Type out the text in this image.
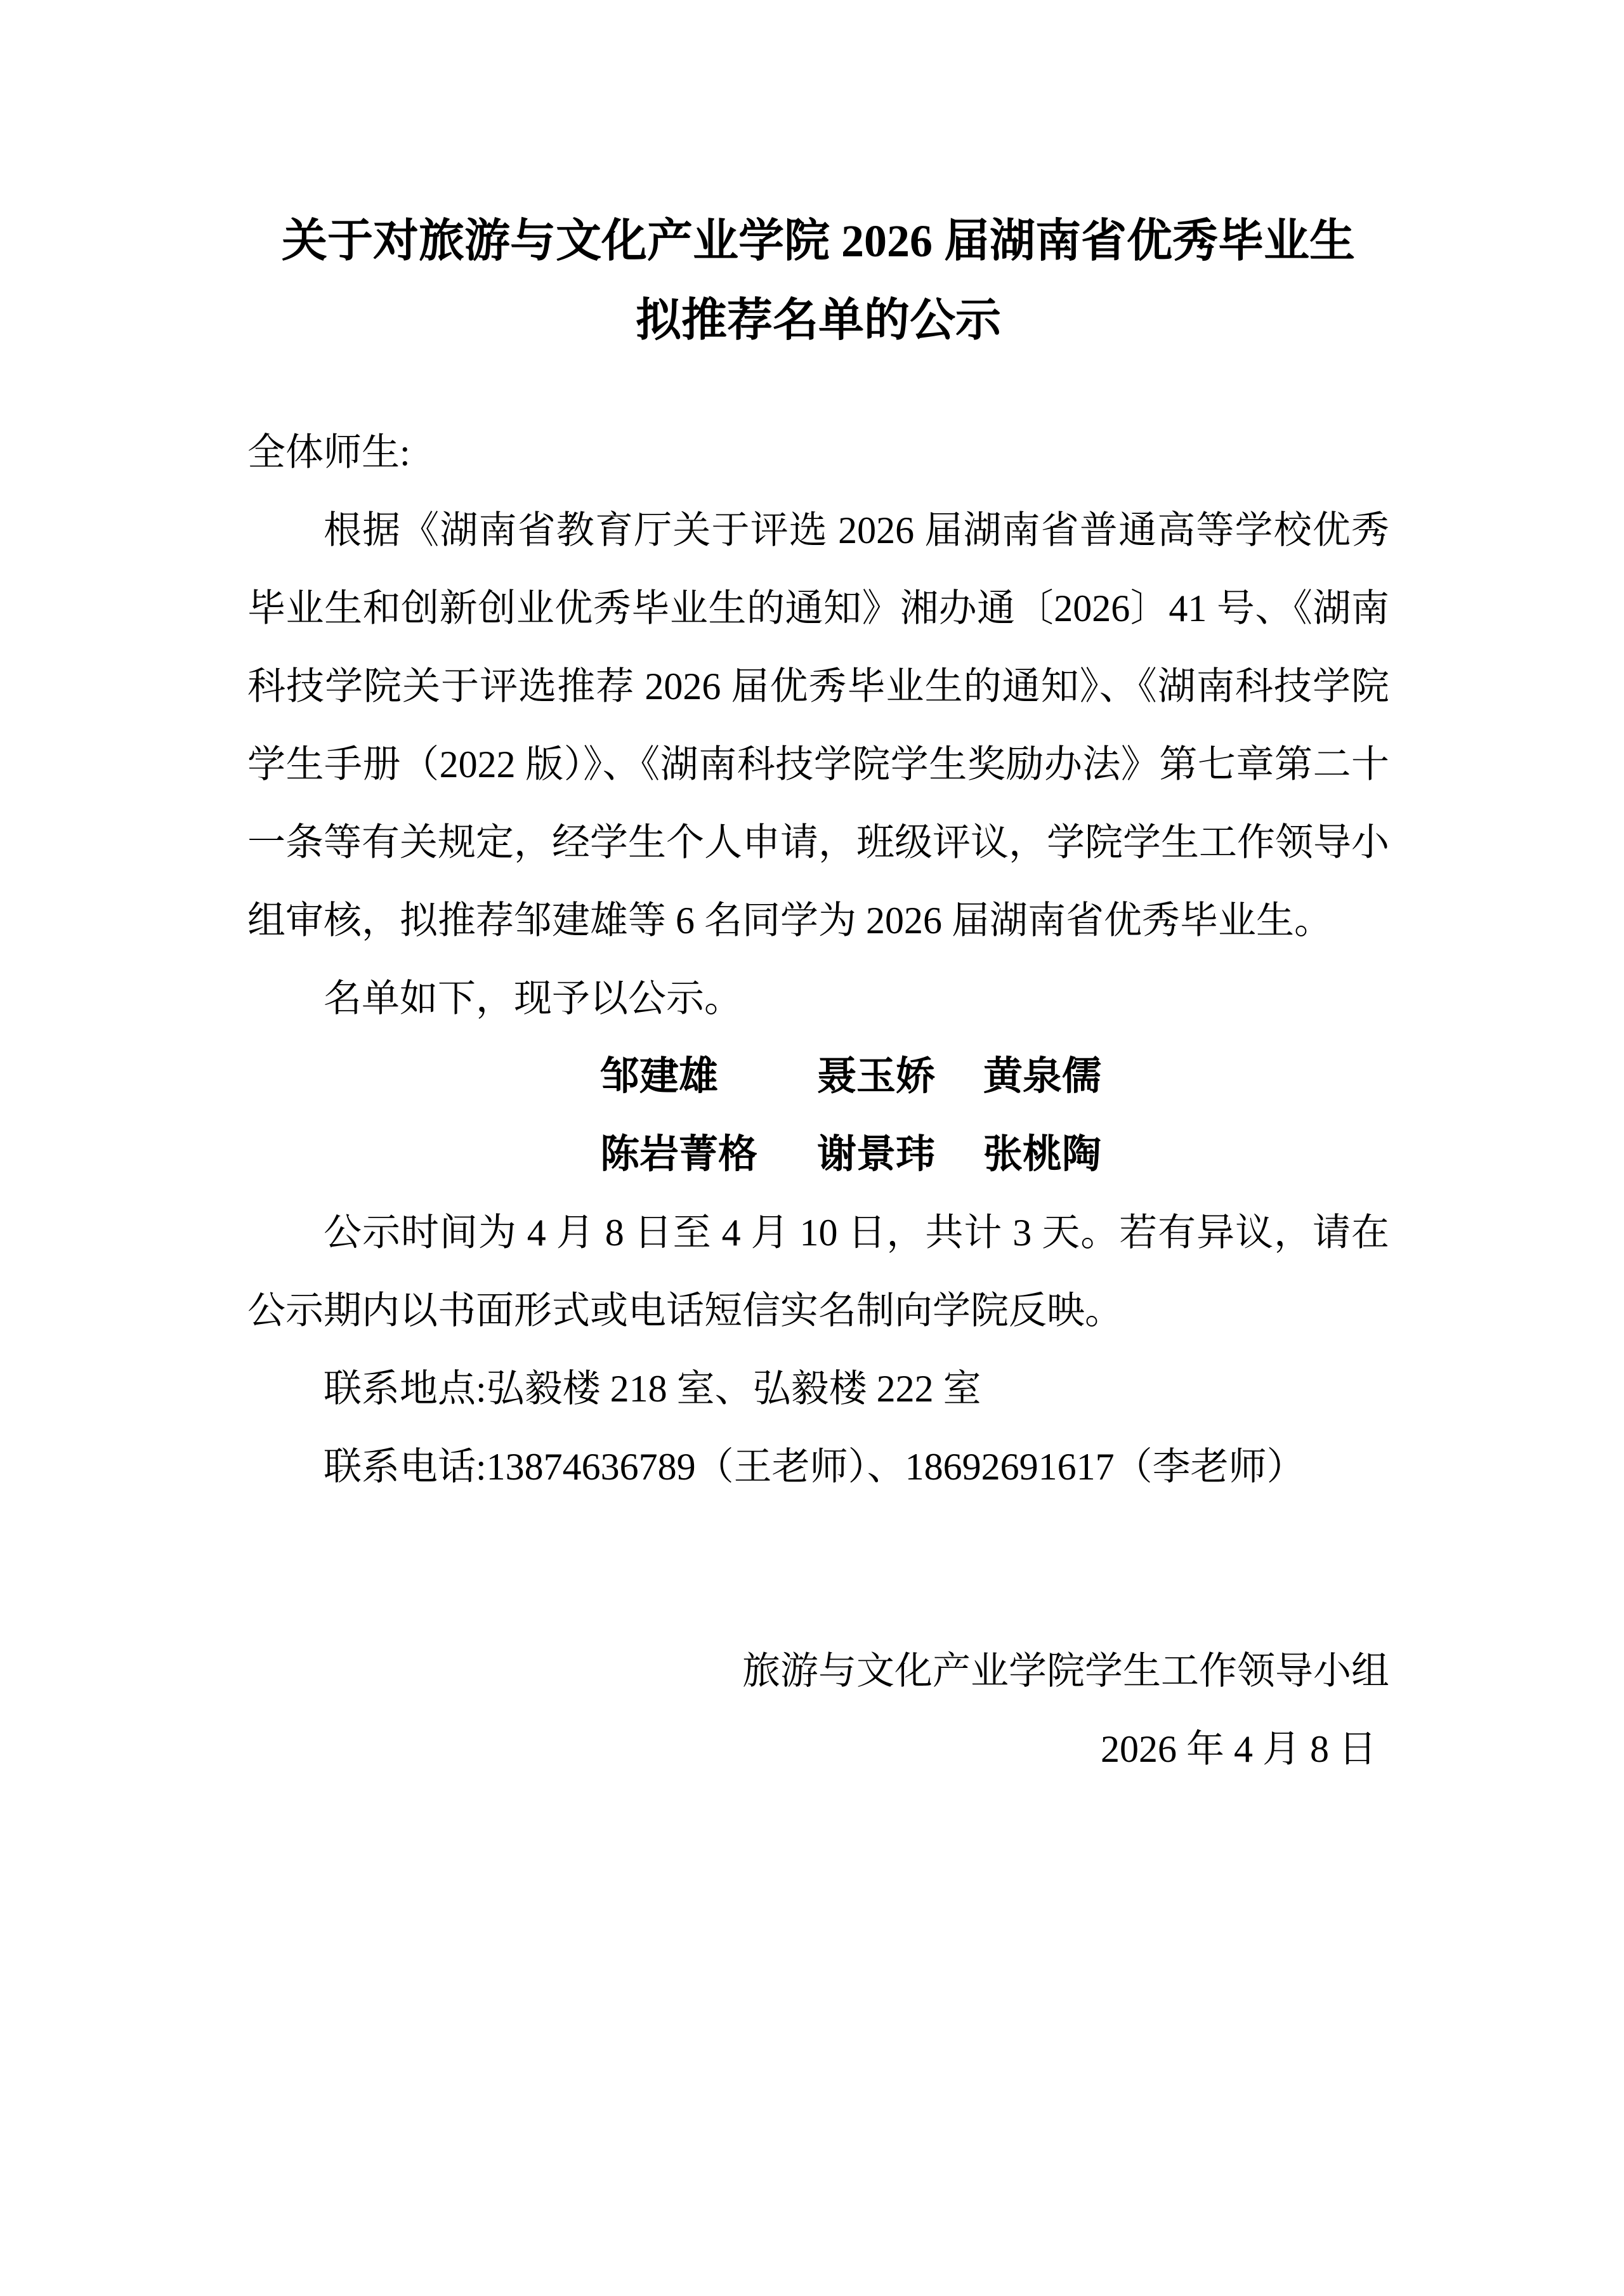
关于对旅游与文化产业学院 2026 届湖南省优秀毕业生
拟推荐名单的公示

全体师生:

根据《湖南省教育厅关于评选 2026 届湖南省普通高等学校优秀毕业生和创新创业优秀毕业生的通知》湘办通〔2026〕41 号、《湖南科技学院关于评选推荐 2026 届优秀毕业生的通知》、《湖南科技学院学生手册（2022 版）》、《湖南科技学院学生奖励办法》第七章第二十一条等有关规定，经学生个人申请，班级评议，学院学生工作领导小组审核，拟推荐邹建雄等 6 名同学为 2026 届湖南省优秀毕业生。

名单如下，现予以公示。

邹建雄	聂玉娇	黄泉儒
陈岩菁格	谢景玮	张桃陶

公示时间为 4 月 8 日至 4 月 10 日，共计 3 天。若有异议，请在公示期内以书面形式或电话短信实名制向学院反映。

联系地点:弘毅楼 218 室、弘毅楼 222 室

联系电话:13874636789（王老师）、18692691617（李老师）

旅游与文化产业学院学生工作领导小组

2026 年 4 月 8 日
